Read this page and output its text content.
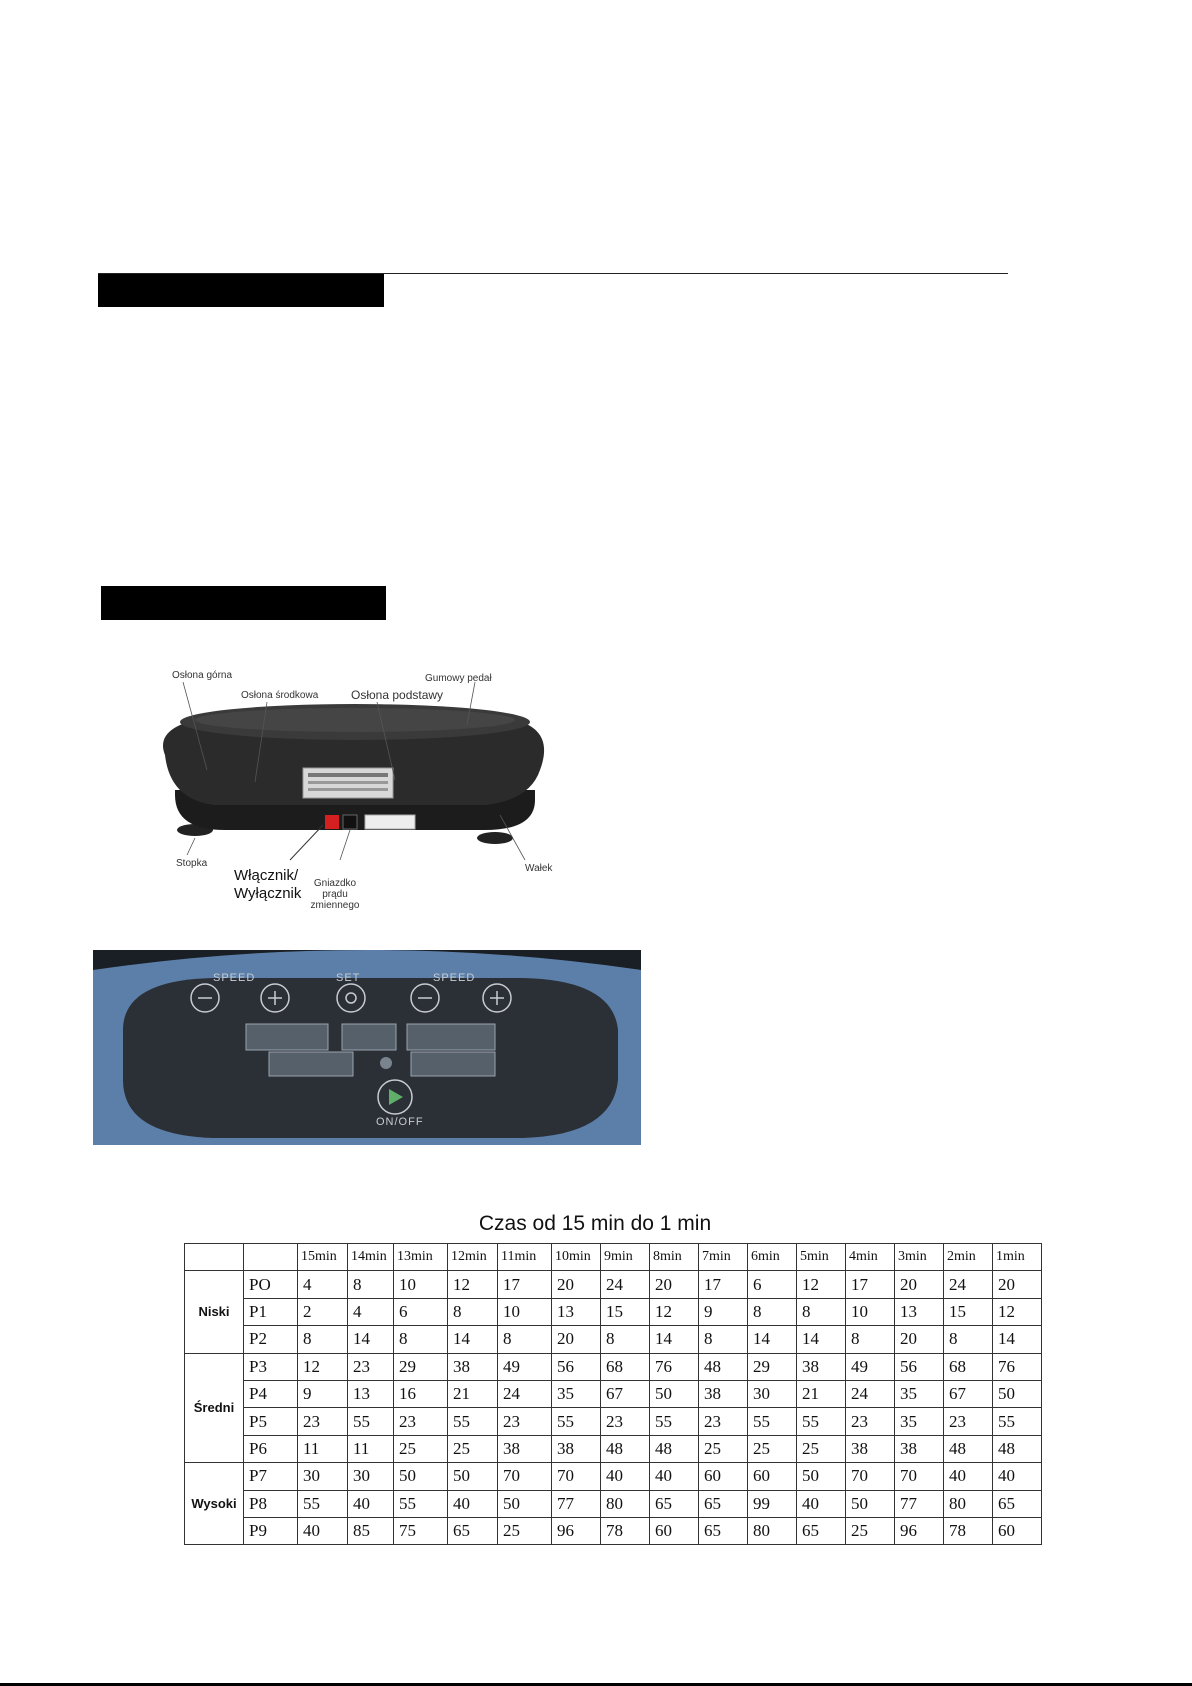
Osłona górna
Osłona środkowa	Osłona podstawy
Gumowy pedał
Stopka
Włącznik/ Wyłącznik
Gniazdko prądu zmiennego
Wałek
SPEED	SET	SPEED
ON/OFF
Czas od 15 min do 1 min
		15min	14min	13min	12min	11min	10min	9min	8min	7min	6min	5min	4min	3min	2min	1min
Niski	PO	4	8	10	12	17	20	24	20	17	6	12	17	20	24	20
	P1	2	4	6	8	10	13	15	12	9	8	8	10	13	15	12
	P2	8	14	8	14	8	20	8	14	8	14	14	8	20	8	14
Średni	P3	12	23	29	38	49	56	68	76	48	29	38	49	56	68	76
	P4	9	13	16	21	24	35	67	50	38	30	21	24	35	67	50
	P5	23	55	23	55	23	55	23	55	23	55	55	23	35	23	55
	P6	11	11	25	25	38	38	48	48	25	25	25	38	38	48	48
Wysoki	P7	30	30	50	50	70	70	40	40	60	60	50	70	70	40	40
	P8	55	40	55	40	50	77	80	65	65	99	40	50	77	80	65
	P9	40	85	75	65	25	96	78	60	65	80	65	25	96	78	60
